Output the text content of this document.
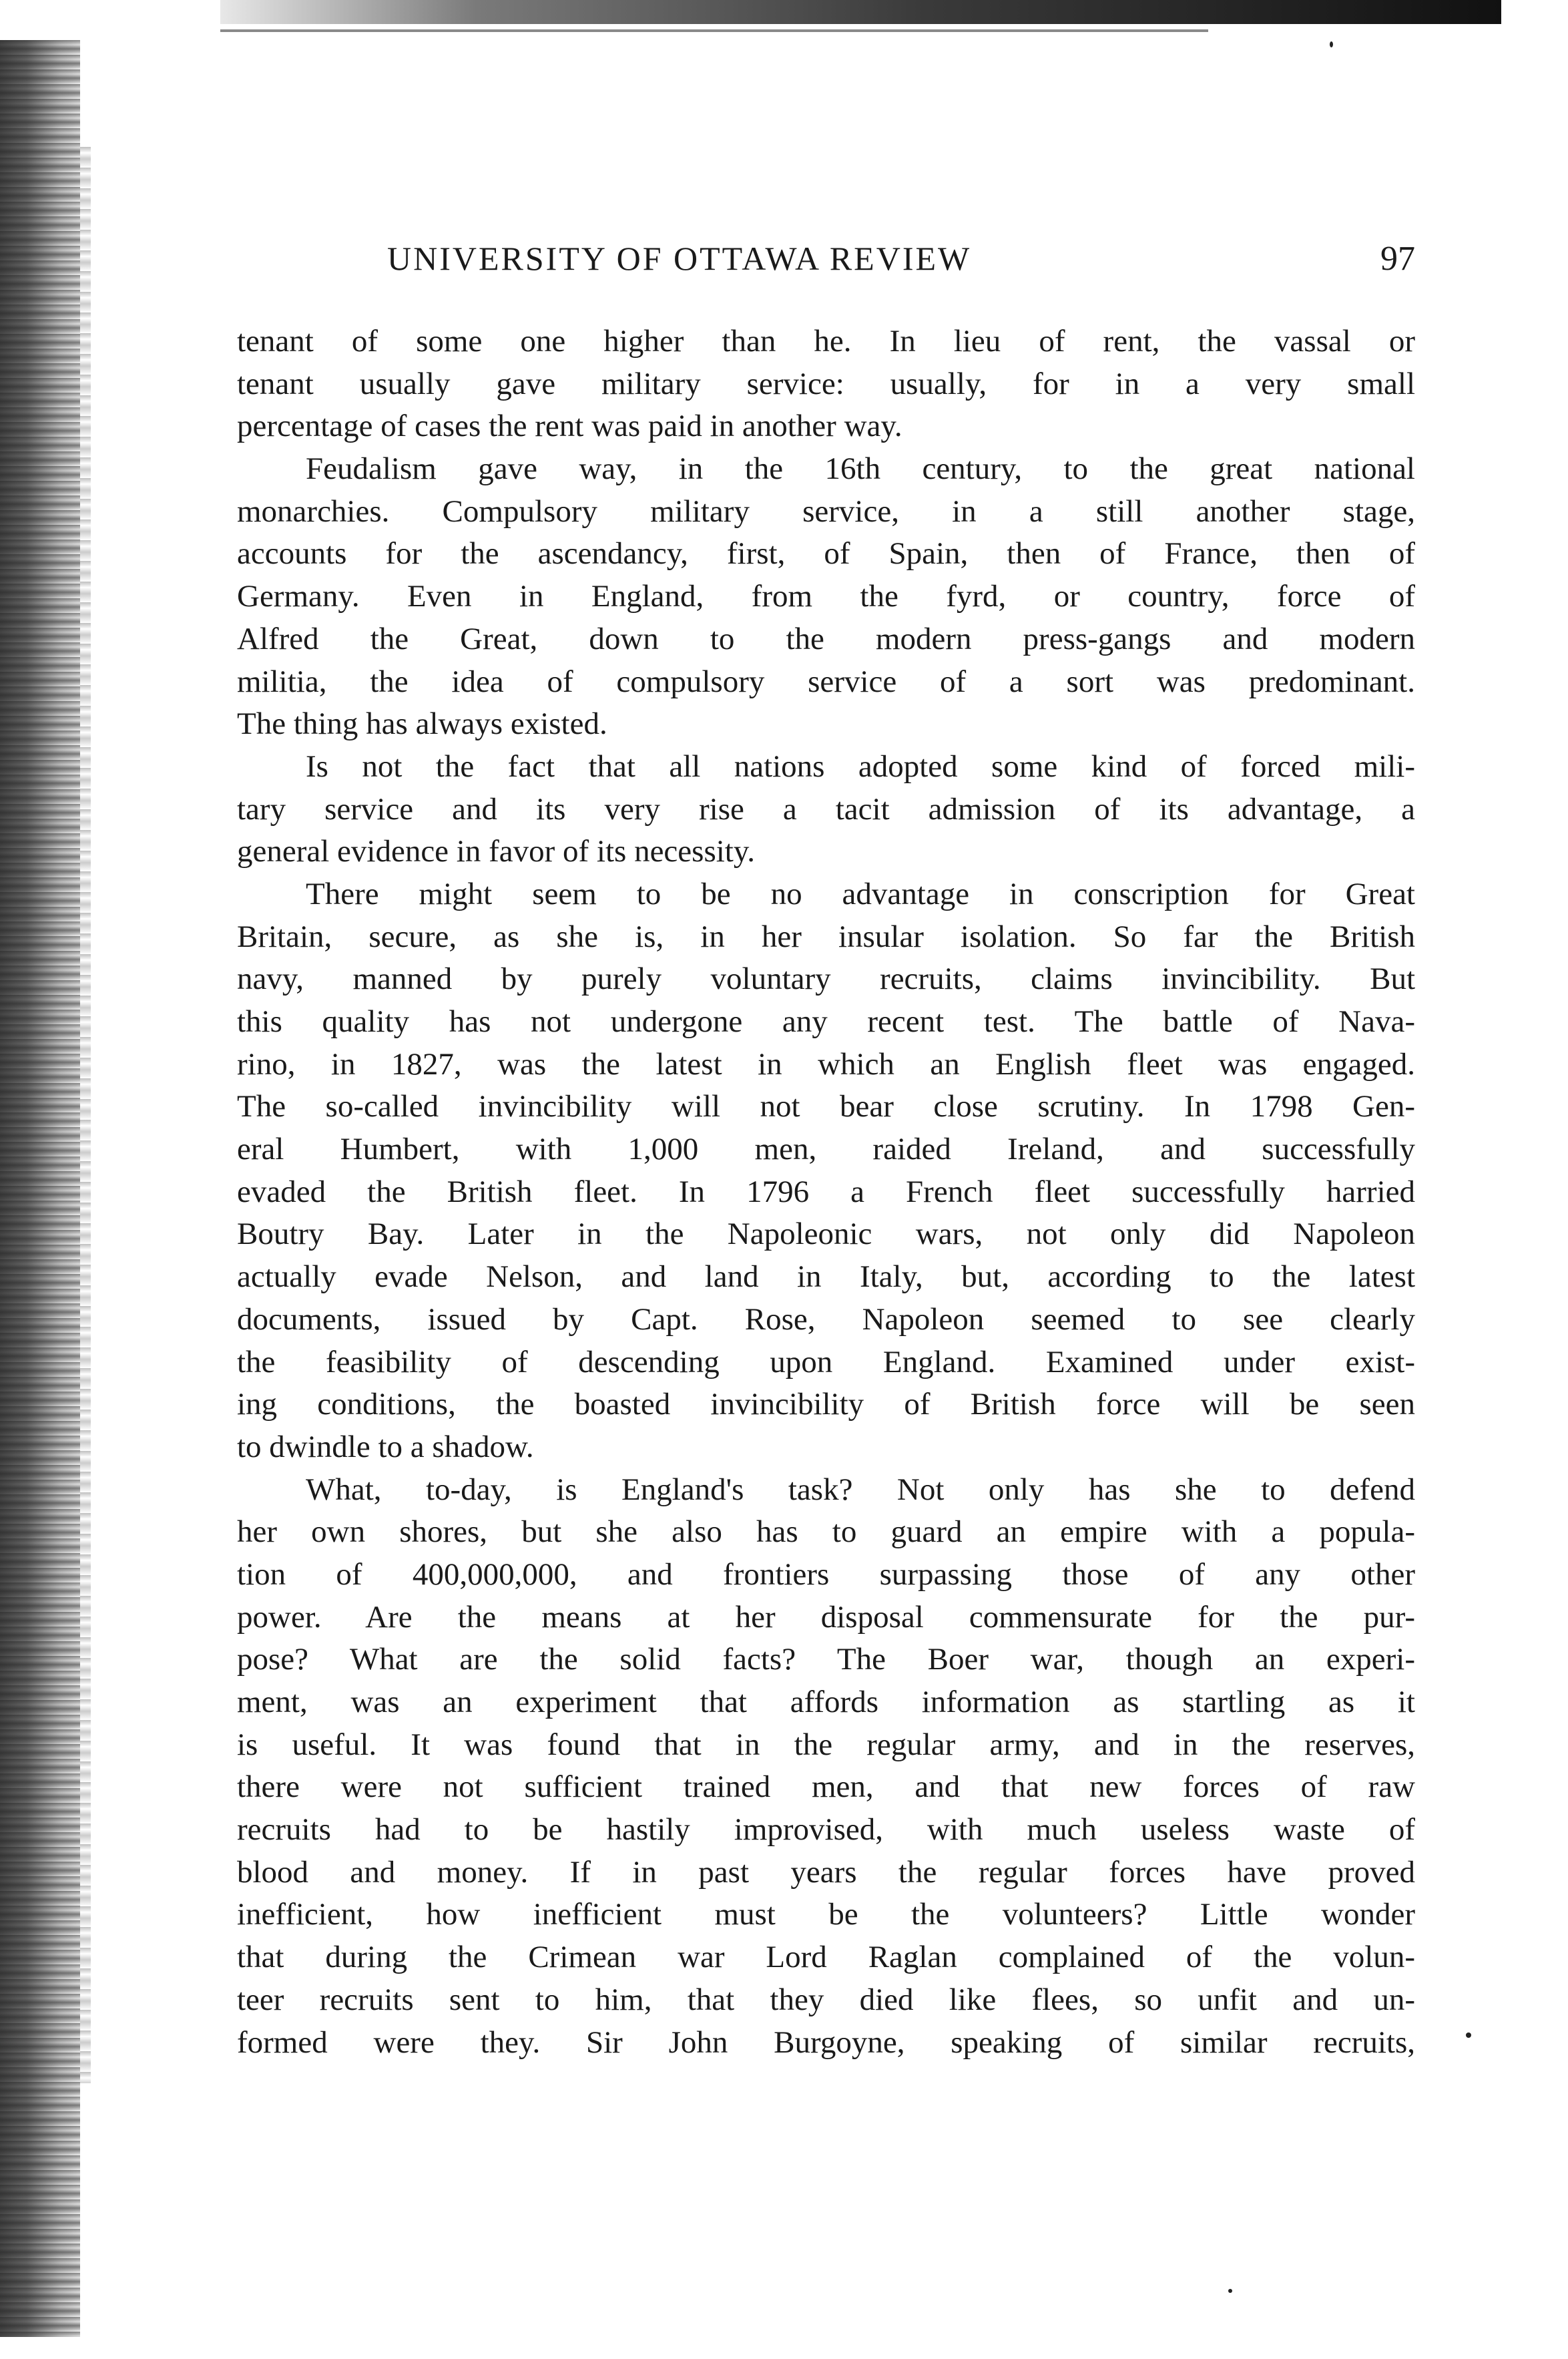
UNIVERSITY OF OTTAWA REVIEW	97
tenant of some one higher than he. In lieu of rent, the vassal or
tenant usually gave military service: usually, for in a very small
percentage of cases the rent was paid in another way.
Feudalism gave way, in the 16th century, to the great national
monarchies. Compulsory military service, in a still another stage,
accounts for the ascendancy, first, of Spain, then of France, then of
Germany. Even in England, from the fyrd, or country, force of
Alfred the Great, down to the modern press-gangs and modern
militia, the idea of compulsory service of a sort was predominant.
The thing has always existed.
Is not the fact that all nations adopted some kind of forced mili-
tary service and its very rise a tacit admission of its advantage, a
general evidence in favor of its necessity.
There might seem to be no advantage in conscription for Great
Britain, secure, as she is, in her insular isolation. So far the British
navy, manned by purely voluntary recruits, claims invincibility. But
this quality has not undergone any recent test. The battle of Nava-
rino, in 1827, was the latest in which an English fleet was engaged.
The so-called invincibility will not bear close scrutiny. In 1798 Gen-
eral Humbert, with 1,000 men, raided Ireland, and successfully
evaded the British fleet. In 1796 a French fleet successfully harried
Boutry Bay. Later in the Napoleonic wars, not only did Napoleon
actually evade Nelson, and land in Italy, but, according to the latest
documents, issued by Capt. Rose, Napoleon seemed to see clearly
the feasibility of descending upon England. Examined under exist-
ing conditions, the boasted invincibility of British force will be seen
to dwindle to a shadow.
What, to-day, is England's task? Not only has she to defend
her own shores, but she also has to guard an empire with a popula-
tion of 400,000,000, and frontiers surpassing those of any other
power. Are the means at her disposal commensurate for the pur-
pose? What are the solid facts? The Boer war, though an experi-
ment, was an experiment that affords information as startling as it
is useful. It was found that in the regular army, and in the reserves,
there were not sufficient trained men, and that new forces of raw
recruits had to be hastily improvised, with much useless waste of
blood and money. If in past years the regular forces have proved
inefficient, how inefficient must be the volunteers? Little wonder
that during the Crimean war Lord Raglan complained of the volun-
teer recruits sent to him, that they died like flees, so unfit and un-
formed were they. Sir John Burgoyne, speaking of similar recruits,
